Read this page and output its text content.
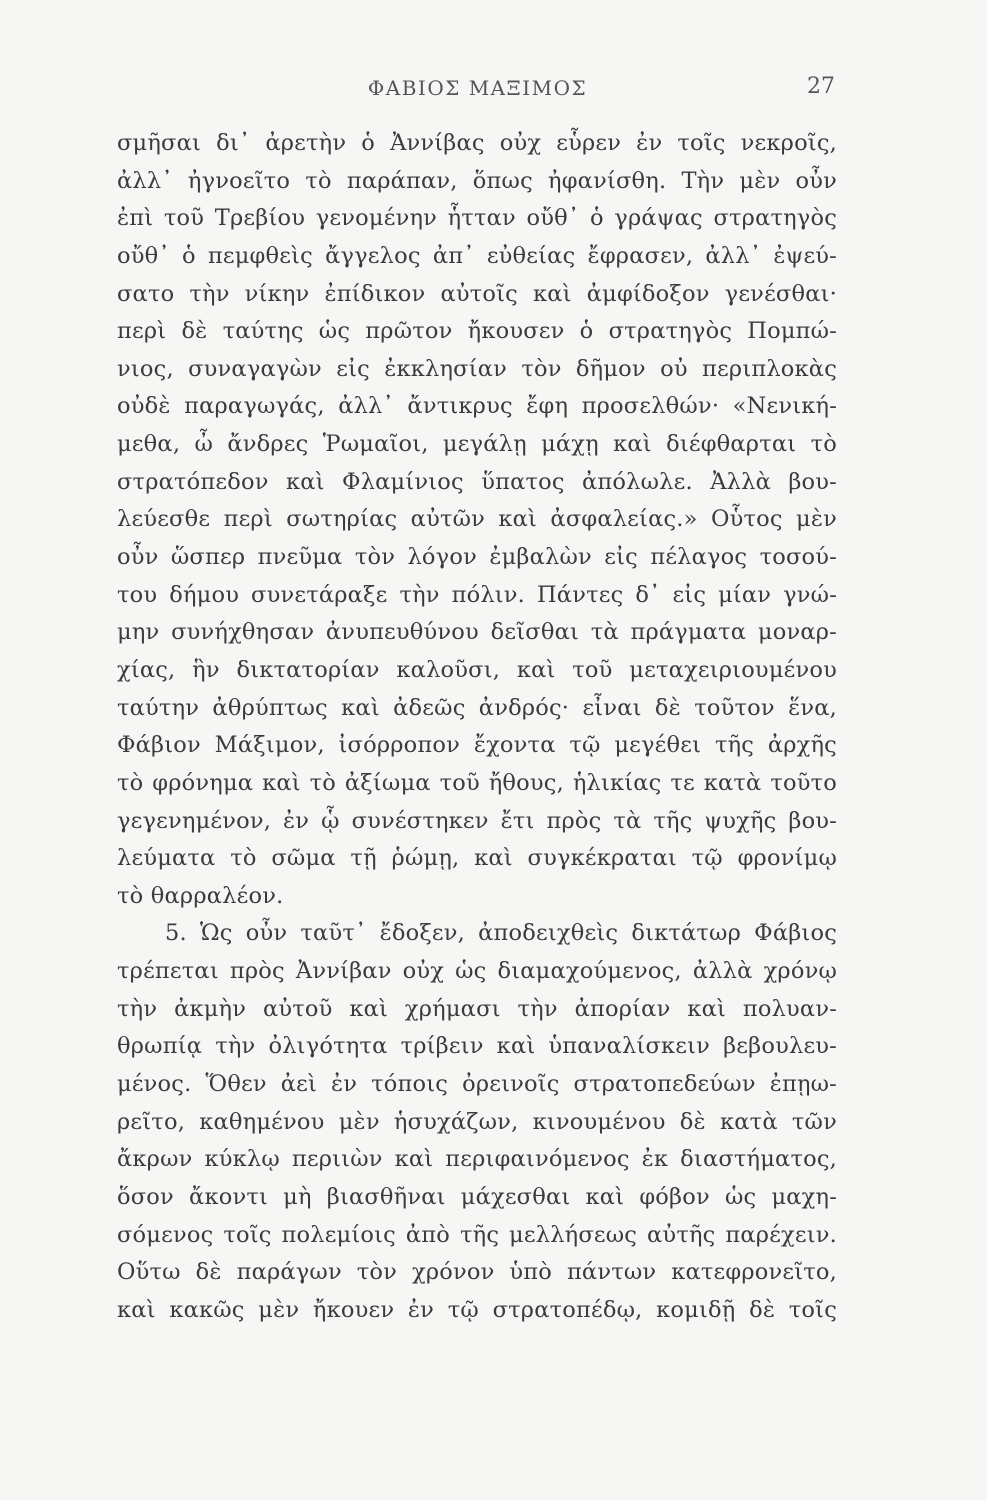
ΦΑΒΙΟΣ ΜΑΞΙΜΟΣ	27
σμῆσαι δι᾽ ἀρετὴν ὁ Ἀννίβας οὐχ εὗρεν ἐν τοῖς νεκροῖς,
ἀλλ᾽ ἠγνοεῖτο τὸ παράπαν, ὅπως ἠφανίσθη. Τὴν μὲν οὖν
ἐπὶ τοῦ Τρεβίου γενομένην ἧτταν οὔθ᾽ ὁ γράψας στρατηγὸς
οὔθ᾽ ὁ πεμφθεὶς ἄγγελος ἀπ᾽ εὐθείας ἔφρασεν, ἀλλ᾽ ἐψεύ-
σατο τὴν νίκην ἐπίδικον αὐτοῖς καὶ ἀμφίδοξον γενέσθαι·
περὶ δὲ ταύτης ὡς πρῶτον ἤκουσεν ὁ στρατηγὸς Πομπώ-
νιος, συναγαγὼν εἰς ἐκκλησίαν τὸν δῆμον οὐ περιπλοκὰς
οὐδὲ παραγωγάς, ἀλλ᾽ ἄντικρυς ἔφη προσελθών· «Νενική-
μεθα, ὦ ἄνδρες Ῥωμαῖοι, μεγάλῃ μάχῃ καὶ διέφθαρται τὸ
στρατόπεδον καὶ Φλαμίνιος ὕπατος ἀπόλωλε. Ἀλλὰ βου-
λεύεσθε περὶ σωτηρίας αὐτῶν καὶ ἀσφαλείας.» Οὗτος μὲν
οὖν ὥσπερ πνεῦμα τὸν λόγον ἐμβαλὼν εἰς πέλαγος τοσού-
του δήμου συνετάραξε τὴν πόλιν. Πάντες δ᾽ εἰς μίαν γνώ-
μην συνήχθησαν ἀνυπευθύνου δεῖσθαι τὰ πράγματα μοναρ-
χίας, ἣν δικτατορίαν καλοῦσι, καὶ τοῦ μεταχειριουμένου
ταύτην ἀθρύπτως καὶ ἀδεῶς ἀνδρός· εἶναι δὲ τοῦτον ἕνα,
Φάβιον Μάξιμον, ἰσόρροπον ἔχοντα τῷ μεγέθει τῆς ἀρχῆς
τὸ φρόνημα καὶ τὸ ἀξίωμα τοῦ ἤθους, ἡλικίας τε κατὰ τοῦτο
γεγενημένον, ἐν ᾧ συνέστηκεν ἔτι πρὸς τὰ τῆς ψυχῆς βου-
λεύματα τὸ σῶμα τῇ ῥώμῃ, καὶ συγκέκραται τῷ φρονίμῳ
τὸ θαρραλέον.
5. Ὡς οὖν ταῦτ᾽ ἔδοξεν, ἀποδειχθεὶς δικτάτωρ Φάβιος
τρέπεται πρὸς Ἀννίβαν οὐχ ὡς διαμαχούμενος, ἀλλὰ χρόνῳ
τὴν ἀκμὴν αὐτοῦ καὶ χρήμασι τὴν ἀπορίαν καὶ πολυαν-
θρωπίᾳ τὴν ὀλιγότητα τρίβειν καὶ ὑπαναλίσκειν βεβουλευ-
μένος. Ὅθεν ἀεὶ ἐν τόποις ὀρεινοῖς στρατοπεδεύων ἐπῃω-
ρεῖτο, καθημένου μὲν ἡσυχάζων, κινουμένου δὲ κατὰ τῶν
ἄκρων κύκλῳ περιιὼν καὶ περιφαινόμενος ἐκ διαστήματος,
ὅσον ἄκοντι μὴ βιασθῆναι μάχεσθαι καὶ φόβον ὡς μαχη-
σόμενος τοῖς πολεμίοις ἀπὸ τῆς μελλήσεως αὐτῆς παρέχειν.
Οὕτω δὲ παράγων τὸν χρόνον ὑπὸ πάντων κατεφρονεῖτο,
καὶ κακῶς μὲν ἤκουεν ἐν τῷ στρατοπέδῳ, κομιδῇ δὲ τοῖς
